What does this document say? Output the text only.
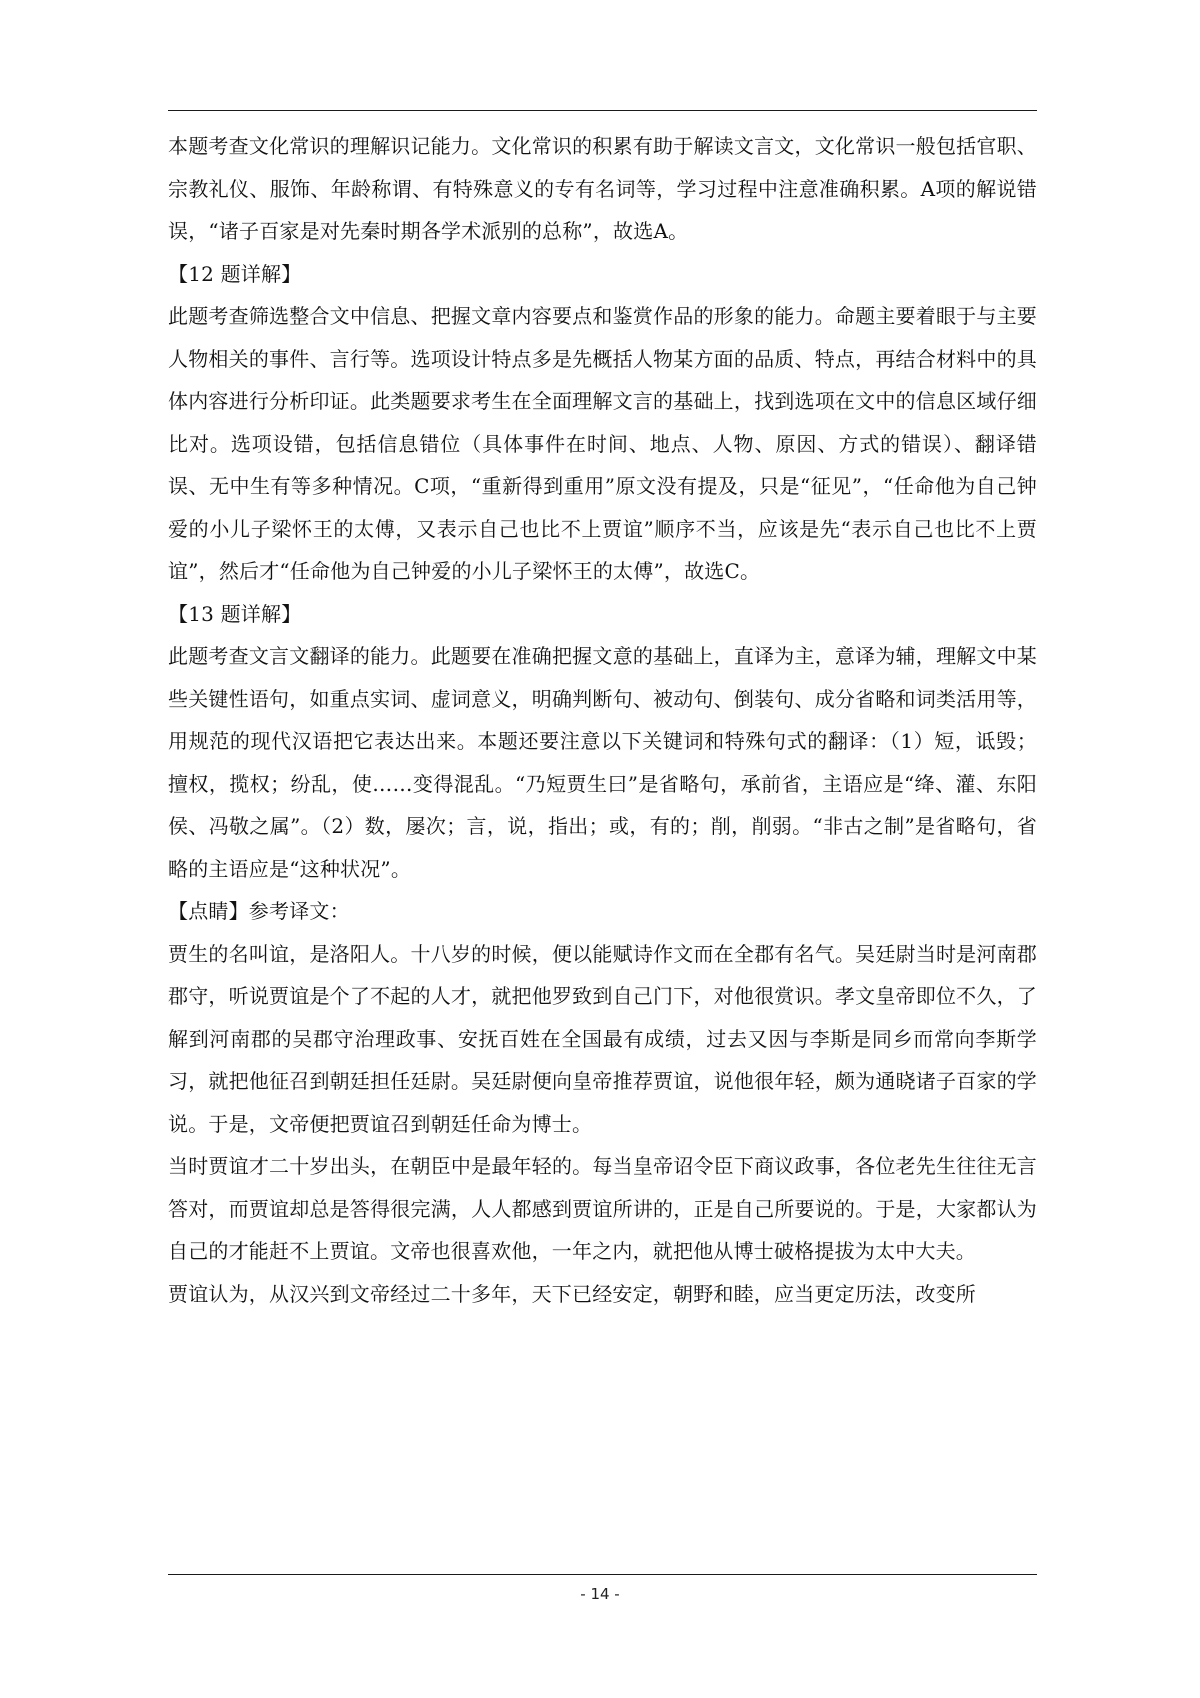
本题考查文化常识的理解识记能力。文化常识的积累有助于解读文言文，文化常识一般包括官职、宗教礼仪、服饰、年龄称谓、有特殊意义的专有名词等，学习过程中注意准确积累。A项的解说错误，“诸子百家是对先秦时期各学术派别的总称”，故选A。

【12 题详解】

此题考查筛选整合文中信息、把握文章内容要点和鉴赏作品的形象的能力。命题主要着眼于与主要人物相关的事件、言行等。选项设计特点多是先概括人物某方面的品质、特点，再结合材料中的具体内容进行分析印证。此类题要求考生在全面理解文言的基础上，找到选项在文中的信息区域仔细比对。选项设错，包括信息错位（具体事件在时间、地点、人物、原因、方式的错误）、翻译错误、无中生有等多种情况。C项，“重新得到重用”原文没有提及，只是“征见”，“任命他为自己钟爱的小儿子梁怀王的太傅，又表示自己也比不上贾谊”顺序不当，应该是先“表示自己也比不上贾谊”，然后才“任命他为自己钟爱的小儿子梁怀王的太傅”，故选C。

【13 题详解】

此题考查文言文翻译的能力。此题要在准确把握文意的基础上，直译为主，意译为辅，理解文中某些关键性语句，如重点实词、虚词意义，明确判断句、被动句、倒装句、成分省略和词类活用等，用规范的现代汉语把它表达出来。本题还要注意以下关键词和特殊句式的翻译：（1）短，诋毁；擅权，揽权；纷乱，使……变得混乱。“乃短贾生曰”是省略句，承前省，主语应是“绛、灌、东阳侯、冯敬之属”。（2）数，屡次；言，说，指出；或，有的；削，削弱。“非古之制”是省略句，省略的主语应是“这种状况”。

【点睛】参考译文：

贾生的名叫谊，是洛阳人。十八岁的时候，便以能赋诗作文而在全郡有名气。吴廷尉当时是河南郡郡守，听说贾谊是个了不起的人才，就把他罗致到自己门下，对他很赏识。孝文皇帝即位不久，了解到河南郡的吴郡守治理政事、安抚百姓在全国最有成绩，过去又因与李斯是同乡而常向李斯学习，就把他征召到朝廷担任廷尉。吴廷尉便向皇帝推荐贾谊，说他很年轻，颇为通晓诸子百家的学说。于是，文帝便把贾谊召到朝廷任命为博士。

当时贾谊才二十岁出头，在朝臣中是最年轻的。每当皇帝诏令臣下商议政事，各位老先生往往无言答对，而贾谊却总是答得很完满，人人都感到贾谊所讲的，正是自己所要说的。于是，大家都认为自己的才能赶不上贾谊。文帝也很喜欢他，一年之内，就把他从博士破格提拔为太中大夫。

贾谊认为，从汉兴到文帝经过二十多年，天下已经安定，朝野和睦，应当更定历法，改变所

- 14 -
